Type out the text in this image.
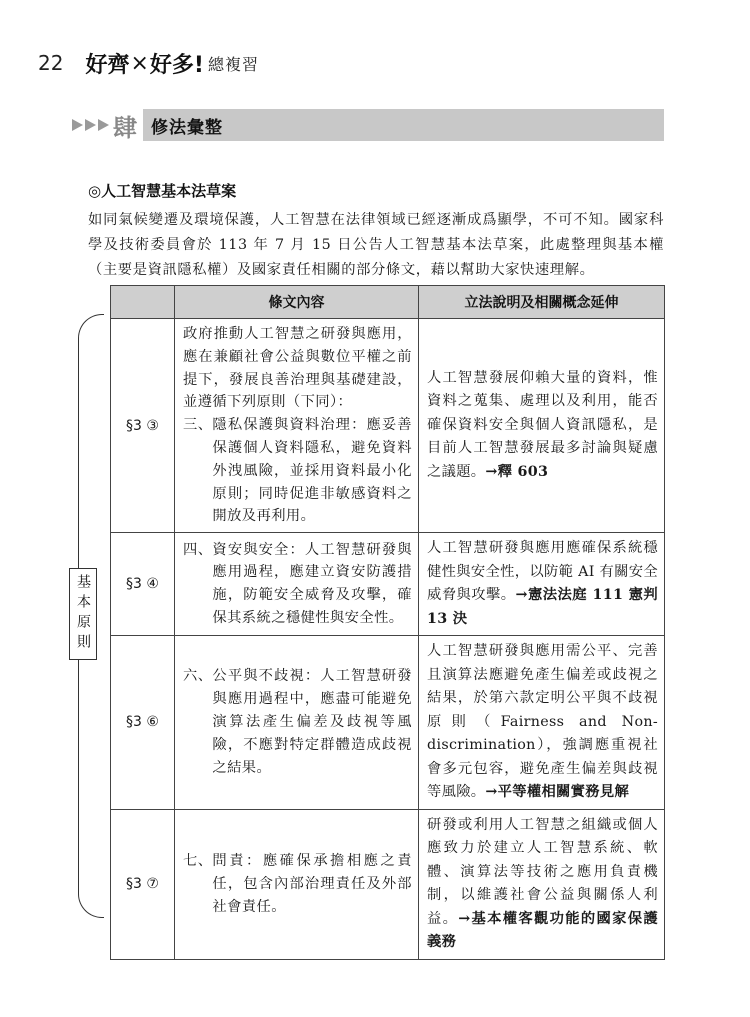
22 好齊 × 好多! 總複習
肆 修法彙整
◎人工智慧基本法草案

如同氣候變遷及環境保護，人工智慧在法律領域已經逐漸成爲顯學，不可不知。國家科學及技術委員會於 113 年 7 月 15 日公告人工智慧基本法草案，此處整理與基本權（主要是資訊隱私權）及國家責任相關的部分條文，藉以幫助大家快速理解。

基本原則
	條文內容	立法說明及相關概念延伸
§3 ③	政府推動人工智慧之研發與應用，應在兼顧社會公益與數位平權之前提下，發展良善治理與基礎建設，並遵循下列原則（下同）：
三、 隱私保護與資料治理：應妥善保護個人資料隱私，避免資料外洩風險，並採用資料最小化原則；同時促進非敏感資料之開放及再利用。	人工智慧發展仰賴大量的資料，惟資料之蒐集、處理以及利用，能否確保資料安全與個人資訊隱私，是目前人工智慧發展最多討論與疑慮之議題。→釋 603
§3 ④	四、 資安與安全：人工智慧研發與應用過程，應建立資安防護措施，防範安全威脅及攻擊，確保其系統之穩健性與安全性。	人工智慧研發與應用應確保系統穩健性與安全性，以防範 AI 有關安全威脅與攻擊。→憲法法庭 111 憲判 13 決
§3 ⑥	六、 公平與不歧視：人工智慧研發與應用過程中，應盡可能避免演算法產生偏差及歧視等風險，不應對特定群體造成歧視之結果。	人工智慧研發與應用需公平、完善且演算法應避免產生偏差或歧視之結果，於第六款定明公平與不歧視原則（Fairness and Non-discrimination），強調應重視社會多元包容，避免產生偏差與歧視等風險。→平等權相關實務見解
§3 ⑦	七、 問責：應確保承擔相應之責任，包含內部治理責任及外部社會責任。	研發或利用人工智慧之組織或個人應致力於建立人工智慧系統、軟體、演算法等技術之應用負責機制，以維護社會公益與關係人利益。→基本權客觀功能的國家保護義務
